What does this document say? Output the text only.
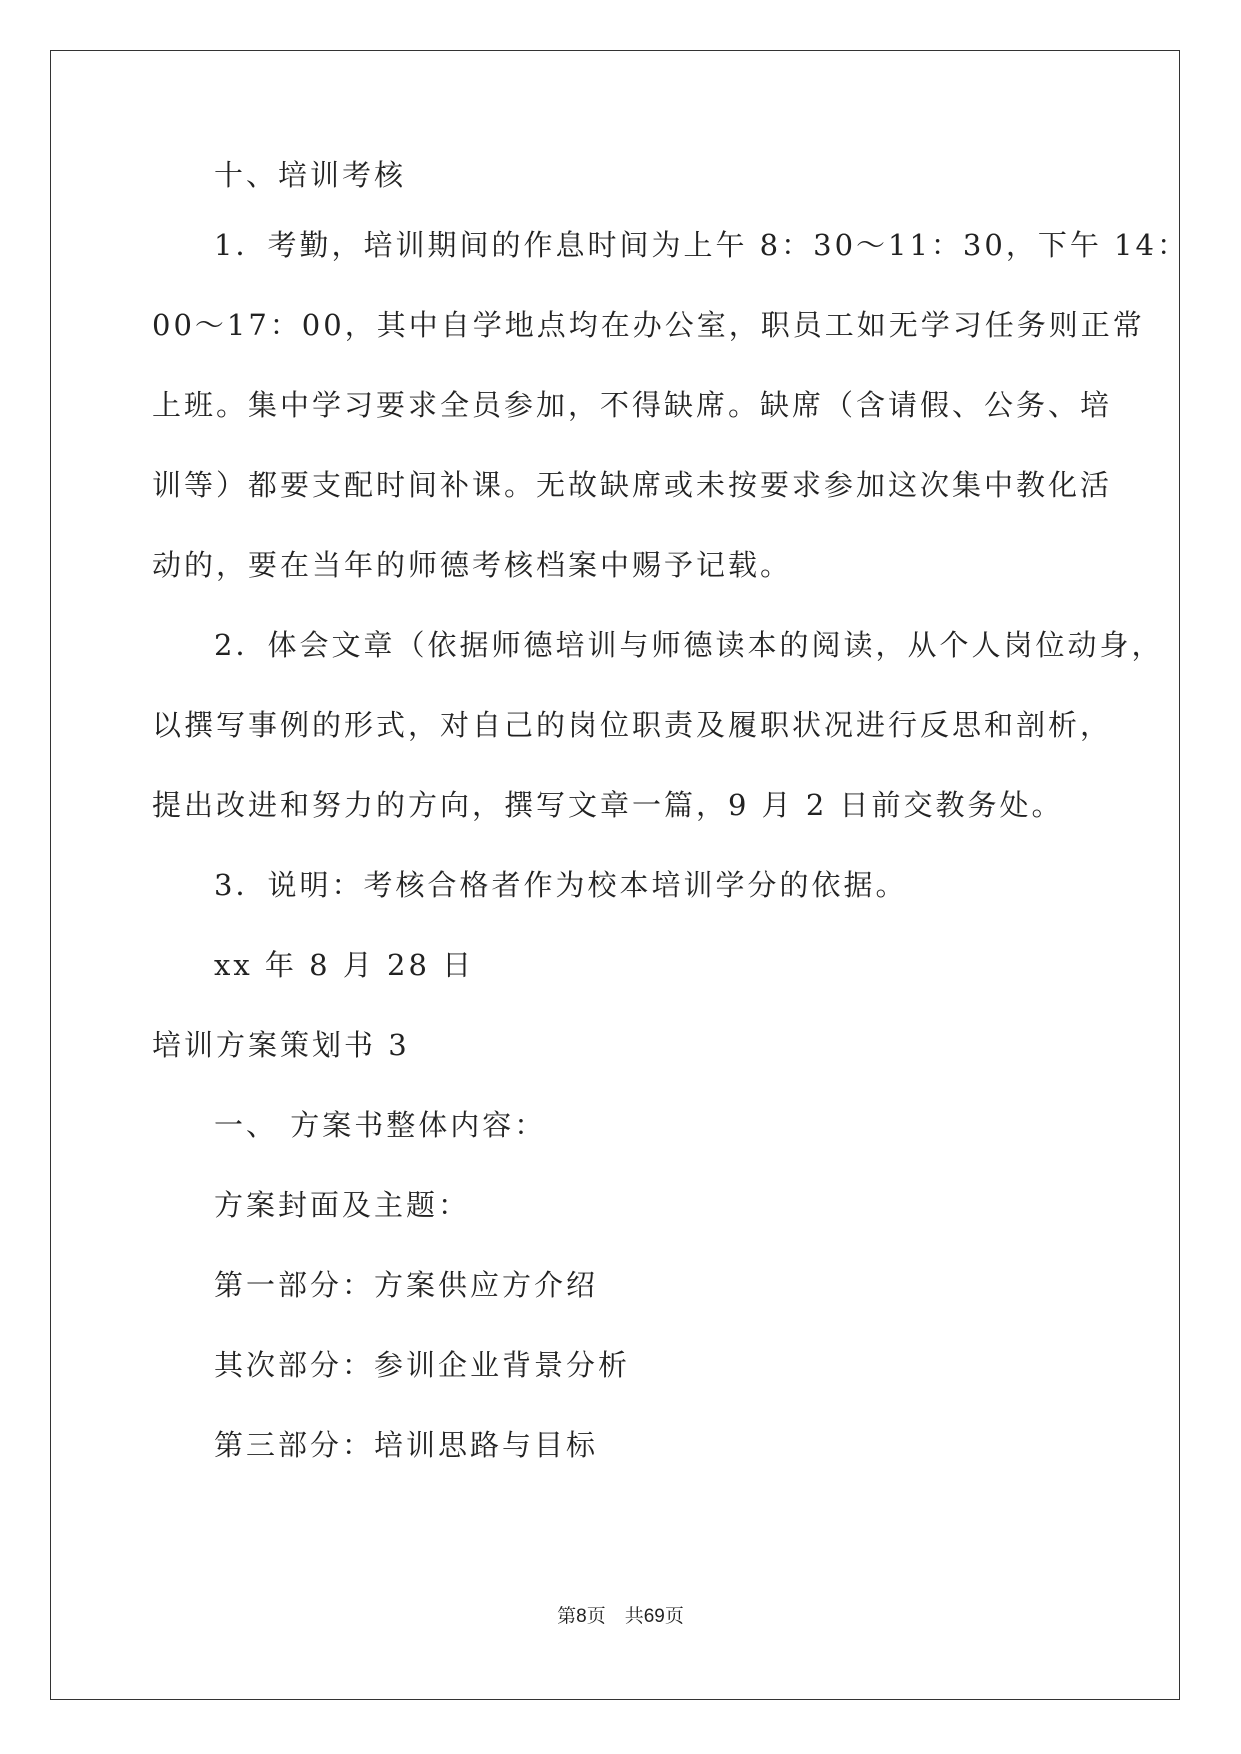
十、培训考核
1．考勤，培训期间的作息时间为上午 8：30～11：30，下午 14：
00～17：00，其中自学地点均在办公室，职员工如无学习任务则正常
上班。集中学习要求全员参加，不得缺席。缺席（含请假、公务、培
训等）都要支配时间补课。无故缺席或未按要求参加这次集中教化活
动的，要在当年的师德考核档案中赐予记载。
2．体会文章（依据师德培训与师德读本的阅读，从个人岗位动身，
以撰写事例的形式，对自己的岗位职责及履职状况进行反思和剖析，
提出改进和努力的方向，撰写文章一篇，9 月 2 日前交教务处。
3．说明：考核合格者作为校本培训学分的依据。
xx 年 8 月 28 日
培训方案策划书 3
一、 方案书整体内容：
方案封面及主题：
第一部分：方案供应方介绍
其次部分：参训企业背景分析
第三部分：培训思路与目标
第8页　共69页
